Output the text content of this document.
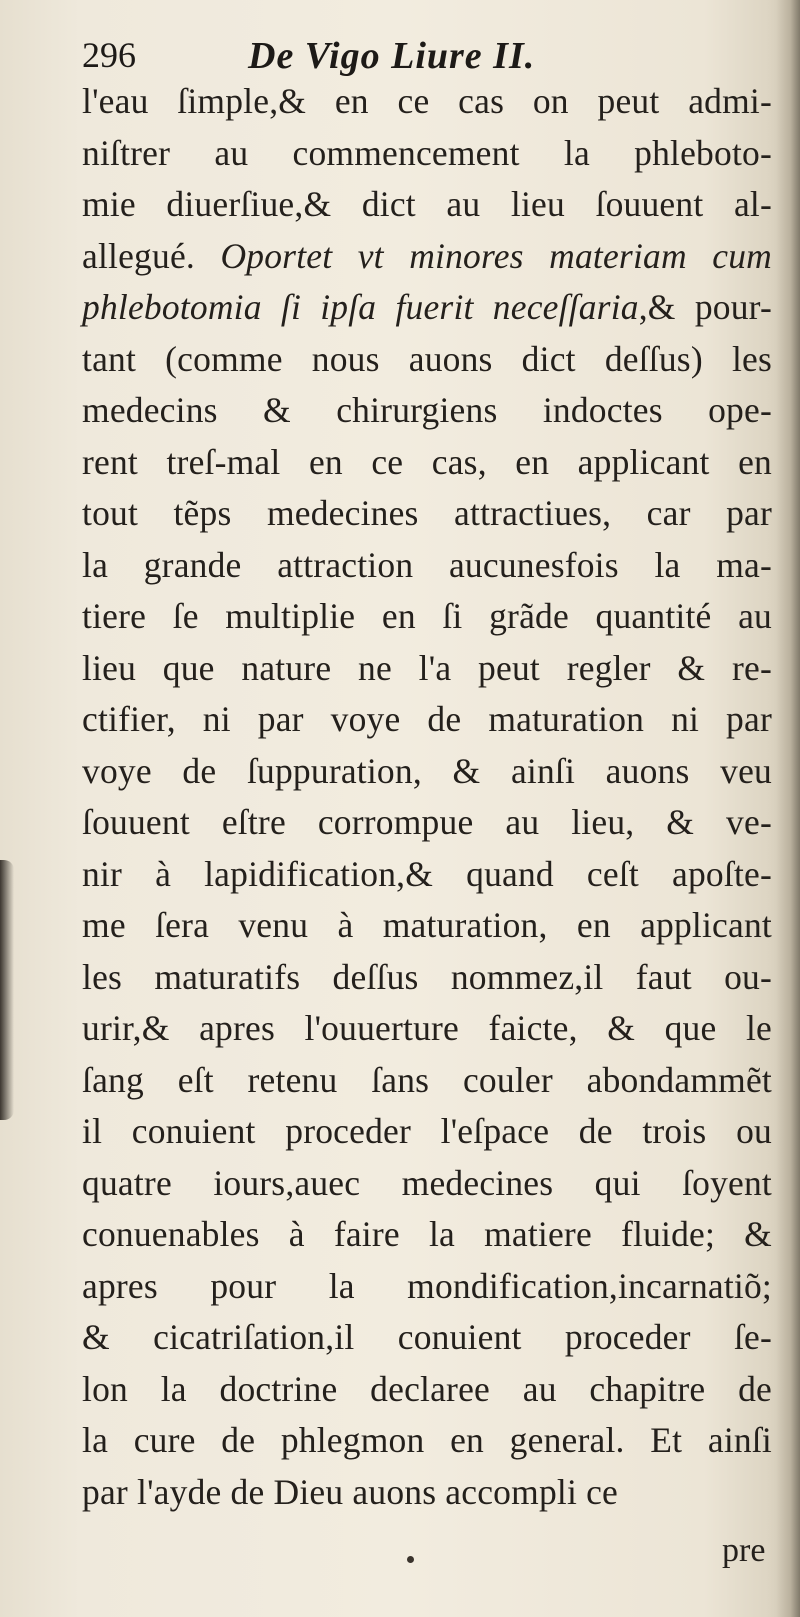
296	De Vigo Liure II.
l'eau ſimple,& en ce cas on peut admi-
niſtrer au commencement la phleboto-
mie diuerſiue,& dict au lieu ſouuent al-
allegué. Oportet vt minores materiam cum
phlebotomia ſi ipſa fuerit neceſſaria,& pour-
tant (comme nous auons dict deſſus) les
medecins & chirurgiens indoctes ope-
rent treſ-mal en ce cas, en applicant en
tout tẽps medecines attractiues, car par
la grande attraction aucunesfois la ma-
tiere ſe multiplie en ſi grãde quantité au
lieu que nature ne l'a peut regler & re-
ctifier, ni par voye de maturation ni par
voye de ſuppuration, & ainſi auons veu
ſouuent eſtre corrompue au lieu, & ve-
nir à lapidification,& quand ceſt apoſte-
me ſera venu à maturation, en applicant
les maturatifs deſſus nommez,il faut ou-
urir,& apres l'ouuerture faicte, & que le
ſang eſt retenu ſans couler abondammẽt
il conuient proceder l'eſpace de trois ou
quatre iours,auec medecines qui ſoyent
conuenables à faire la matiere fluide; &
apres pour la mondification,incarnatiõ;
& cicatriſation,il conuient proceder ſe-
lon la doctrine declaree au chapitre de
la cure de phlegmon en general. Et ainſi
par l'ayde de Dieu auons accompli ce
pre
